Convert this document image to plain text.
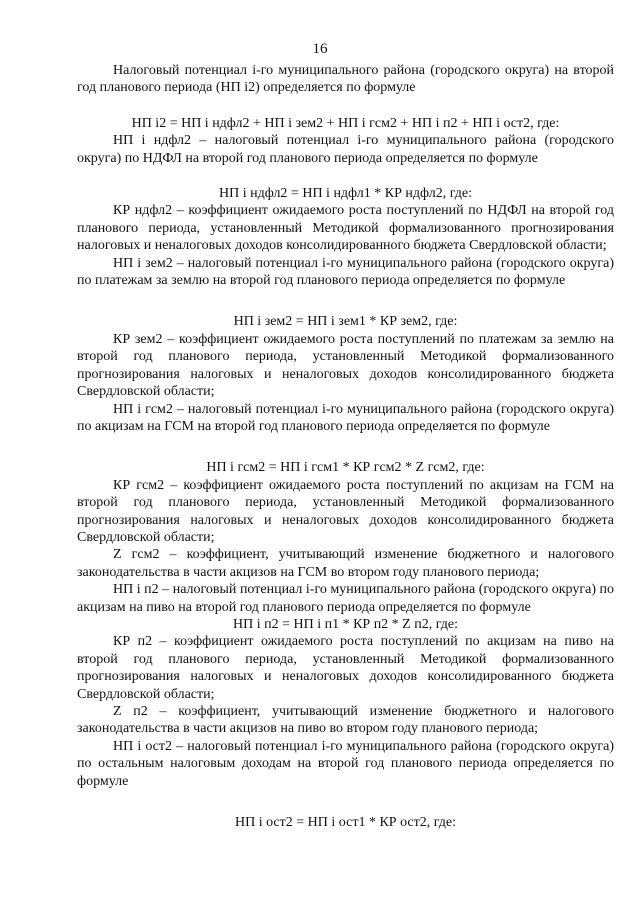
16

Налоговый потенциал i-го муниципального района (городского округа) на второй год планового периода (НП i2) определяется по формуле

НП i2 = НП i ндфл2 + НП i зем2 + НП i гсм2 + НП i п2 + НП i ост2, где:

НП i ндфл2 – налоговый потенциал i-го муниципального района (городского округа) по НДФЛ на второй год планового периода определяется по формуле

НП i ндфл2 = НП i ндфл1 * КР ндфл2, где:

КР ндфл2 – коэффициент ожидаемого роста поступлений по НДФЛ на второй год планового периода, установленный Методикой формализованного прогнозирования налоговых и неналоговых доходов консолидированного бюджета Свердловской области;

НП i зем2 – налоговый потенциал i-го муниципального района (городского округа) по платежам за землю на второй год планового периода определяется по формуле

НП i зем2 = НП i зем1 * КР зем2, где:

КР зем2 – коэффициент ожидаемого роста поступлений по платежам за землю на второй год планового периода, установленный Методикой формализованного прогнозирования налоговых и неналоговых доходов консолидированного бюджета Свердловской области;

НП i гсм2 – налоговый потенциал i-го муниципального района (городского округа) по акцизам на ГСМ на второй год планового периода определяется по формуле

НП i гсм2 = НП i гсм1 * КР гсм2 * Z гсм2, где:

КР гсм2 – коэффициент ожидаемого роста поступлений по акцизам на ГСМ на второй год планового периода, установленный Методикой формализованного прогнозирования налоговых и неналоговых доходов консолидированного бюджета Свердловской области;

Z гсм2 – коэффициент, учитывающий изменение бюджетного и налогового законодательства в части акцизов на ГСМ во втором году планового периода;

НП i п2 – налоговый потенциал i-го муниципального района (городского округа) по акцизам на пиво на второй год планового периода определяется по формуле

НП i п2 = НП i п1 * КР п2 * Z п2, где:

КР п2 – коэффициент ожидаемого роста поступлений по акцизам на пиво на второй год планового периода, установленный Методикой формализованного прогнозирования налоговых и неналоговых доходов консолидированного бюджета Свердловской области;

Z п2 – коэффициент, учитывающий изменение бюджетного и налогового законодательства в части акцизов на пиво во втором году планового периода;

НП i ост2 – налоговый потенциал i-го муниципального района (городского округа) по остальным налоговым доходам на второй год планового периода определяется по формуле

НП i ост2 = НП i ост1 * КР ост2, где:
